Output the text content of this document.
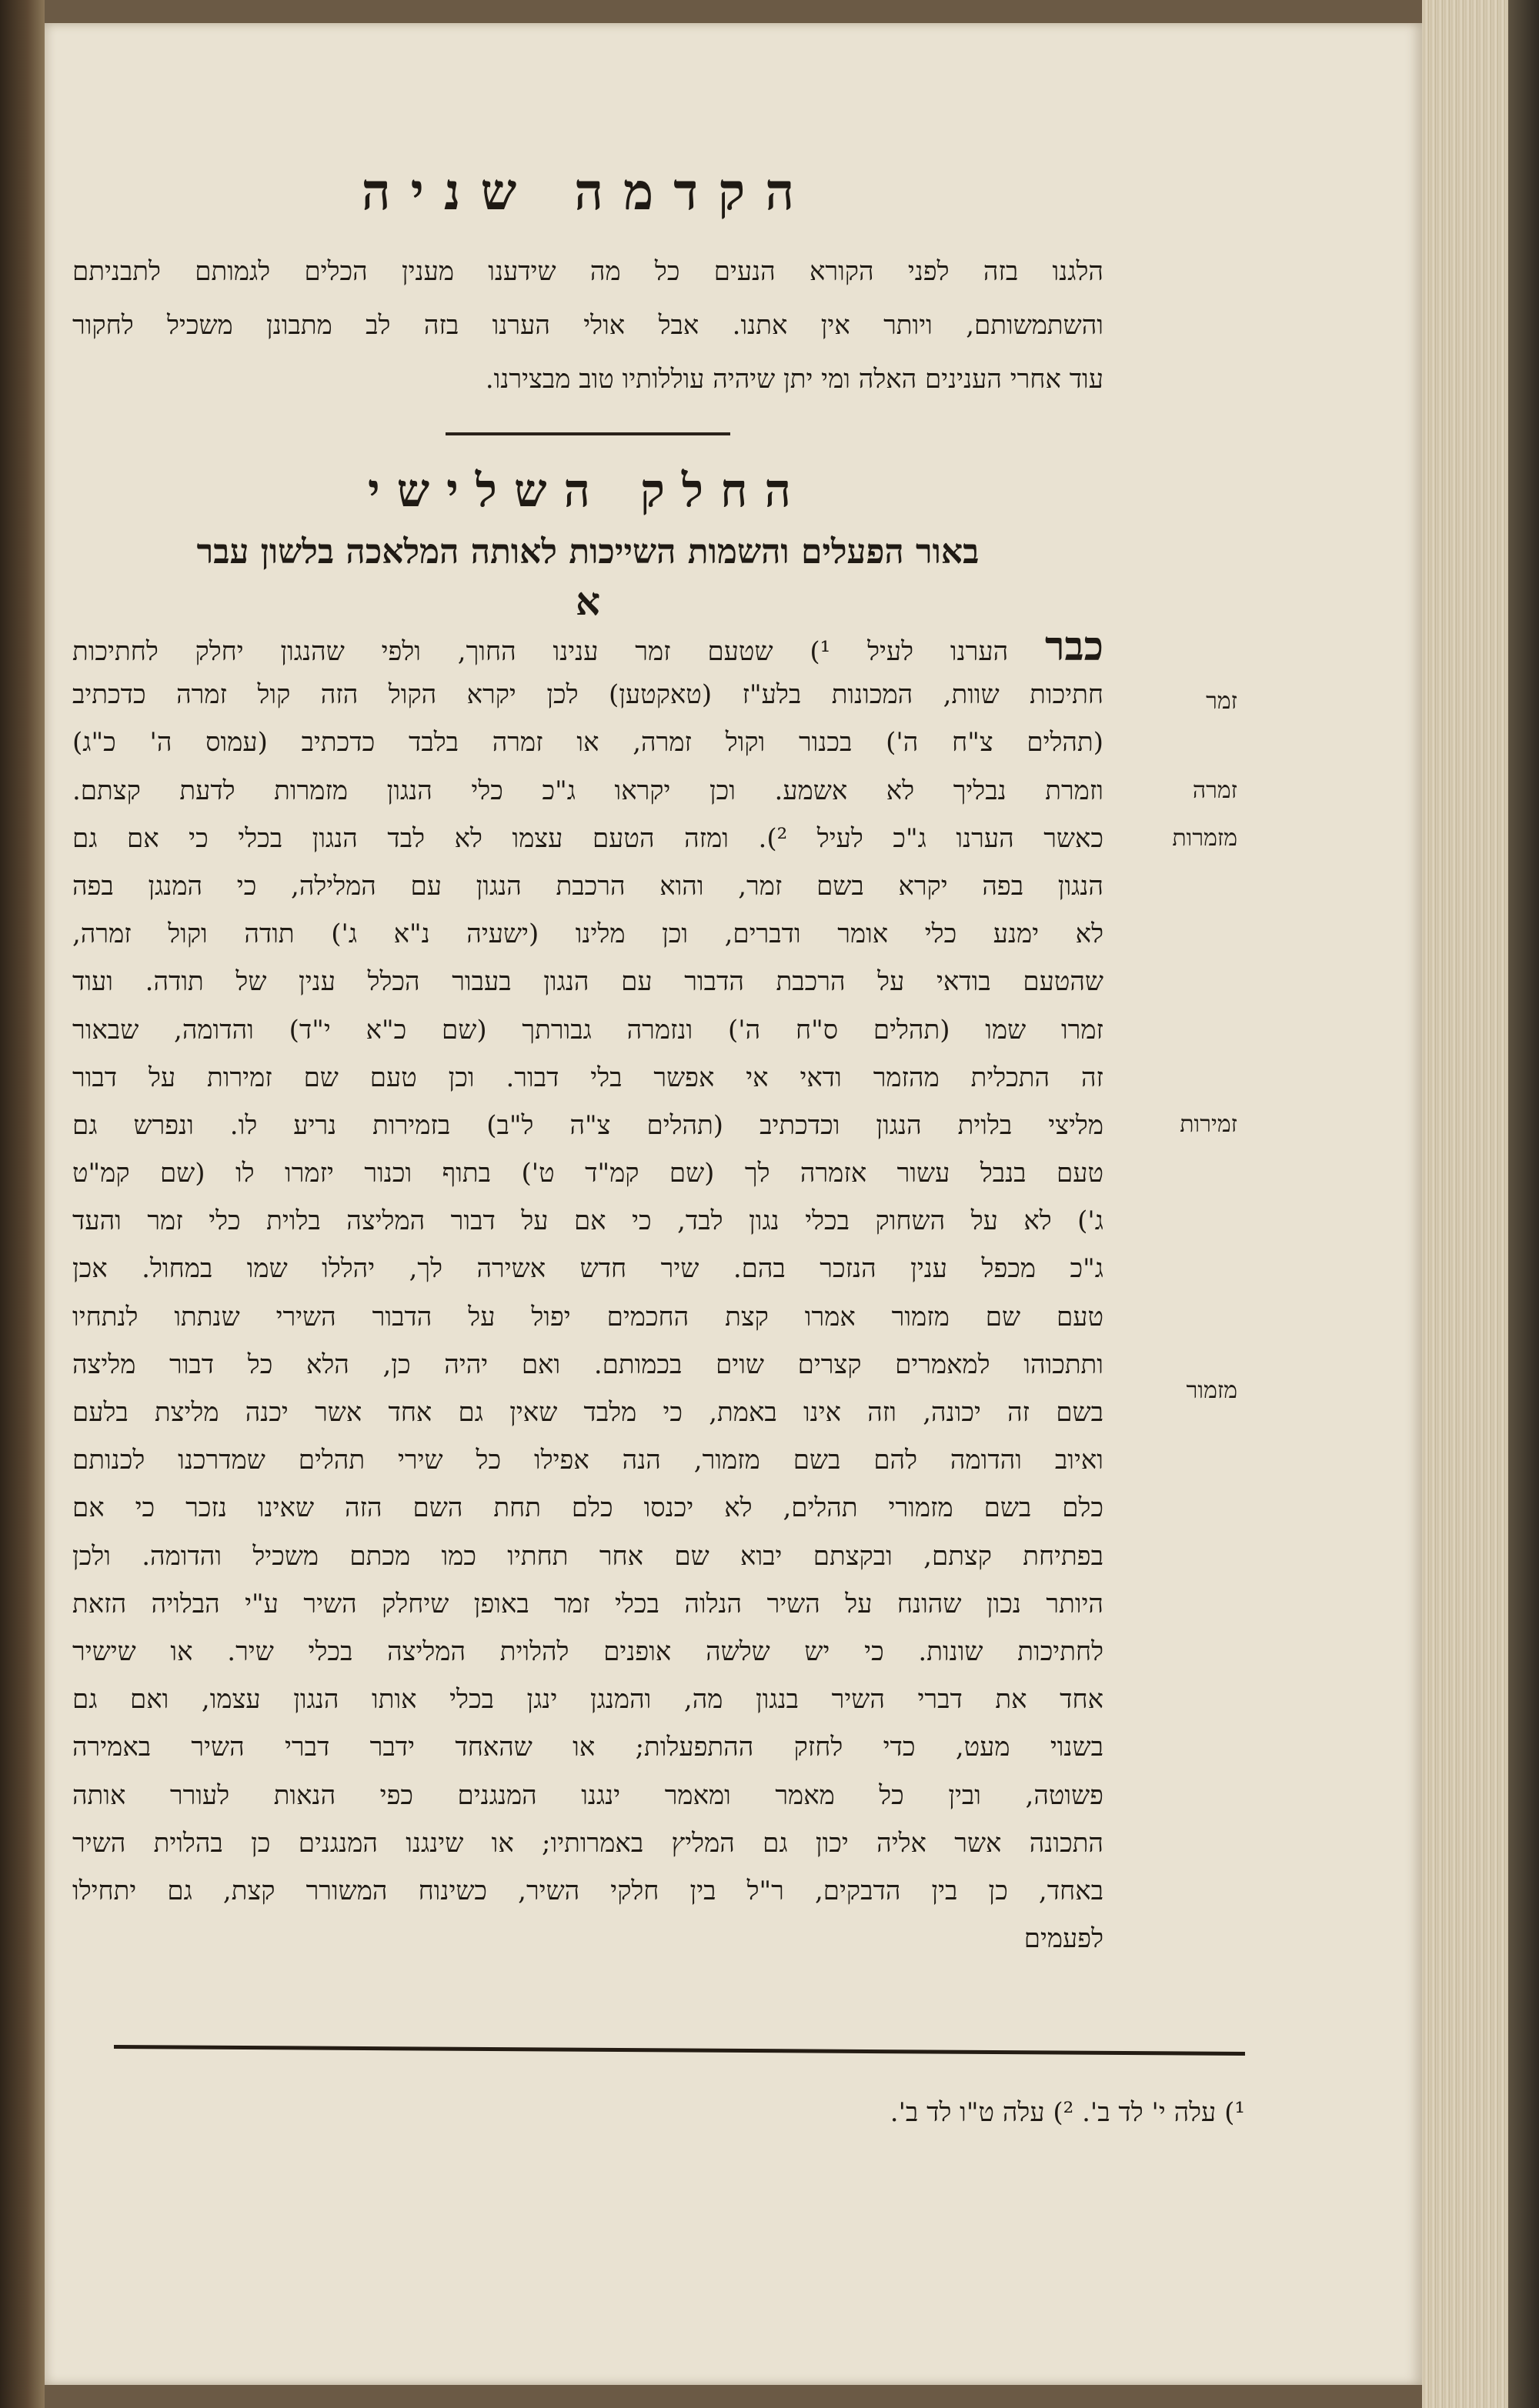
הקדמה שניה
הלגנו בזה לפני הקורא הנעים כל מה שידענו מענין הכלים לגמותם לתבניתם
והשתמשותם, ויותר אין אתנו. אבל אולי הערנו בזה לב מתבונן משכיל לחקור
עוד אחרי הענינים האלה ומי יתן שיהיה עוללותיו טוב מבצירנו.
החלק השלישי
באור הפעלים והשמות השייכות לאותה המלאכה בלשון עבר
א
כבר הערנו לעיל ¹) שטעם זמר ענינו החוך, ולפי שהנגון יחלק לחתיכות
חתיכות שוות, המכונות בלע"ז (טאקטען) לכן יקרא הקול הזה קול זמרה כדכתיב
(תהלים צ"ח ה') בכנור וקול זמרה, או זמרה בלבד כדכתיב (עמוס ה' כ"ג)
וזמרת נבליך לא אשמע. וכן יקראו ג"כ כלי הנגון מזמרות לדעת קצתם.
כאשר הערנו ג"כ לעיל ²). ומזה הטעם עצמו לא לבד הנגון בכלי כי אם גם
הנגון בפה יקרא בשם זמר, והוא הרכבת הנגון עם המלילה, כי המנגן בפה
לא ימנע כלי אומר ודברים, וכן מלינו (ישעיה נ"א ג') תודה וקול זמרה,
שהטעם בודאי על הרכבת הדבור עם הנגון בעבור הכלל ענין של תודה. ועוד
זמרו שמו (תהלים ס"ח ה') ונזמרה גבורתך (שם כ"א י"ד) והדומה, שבאור
זה התכלית מהזמר ודאי אי אפשר בלי דבור. וכן טעם שם זמירות על דבור
מליצי בלוית הנגון וכדכתיב (תהלים צ"ה ל"ב) בזמירות נריע לו. ונפרש גם
טעם בנבל עשור אזמרה לך (שם קמ"ד ט') בתוף וכנור יזמרו לו (שם קמ"ט
ג') לא על השחוק בכלי נגון לבד, כי אם על דבור המליצה בלוית כלי זמר והעד
ג"כ מכפל ענין הנזכר בהם. שיר חדש אשירה לך, יהללו שמו במחול. אכן
טעם שם מזמור אמרו קצת החכמים יפול על הדבור השירי שנתתו לנתחיו
ותתכוהו למאמרים קצרים שוים בכמותם. ואם יהיה כן, הלא כל דבור מליצה
בשם זה יכונה, וזה אינו באמת, כי מלבד שאין גם אחד אשר יכנה מליצת בלעם
ואיוב והדומה להם בשם מזמור, הנה אפילו כל שירי תהלים שמדרכנו לכנותם
כלם בשם מזמורי תהלים, לא יכנסו כלם תחת השם הזה שאינו נזכר כי אם
בפתיחת קצתם, ובקצתם יבוא שם אחר תחתיו כמו מכתם משכיל והדומה. ולכן
היותר נכון שהונח על השיר הנלוה בכלי זמר באופן שיחלק השיר ע"י הבלויה הזאת
לחתיכות שונות. כי יש שלשה אופנים להלוית המליצה בכלי שיר. או שישיר
אחד את דברי השיר בנגון מה, והמנגן ינגן בכלי אותו הנגון עצמו, ואם גם
בשנוי מעט, כדי לחזק ההתפעלות; או שהאחד ידבר דברי השיר באמירה
פשוטה, ובין כל מאמר ומאמר ינגנו המנגנים כפי הנאות לעורר אותה
התכונה אשר אליה יכון גם המליץ באמרותיו; או שינגנו המנגנים כן בהלוית השיר
באחד, כן בין הדבקים, ר"ל בין חלקי השיר, כשינוח המשורר קצת, גם יתחילו
לפעמים
זמר
זמרה
מזמרות
זמירות
מזמור
¹) עלה י' לד ב'. ²) עלה ט"ו לד ב'.
